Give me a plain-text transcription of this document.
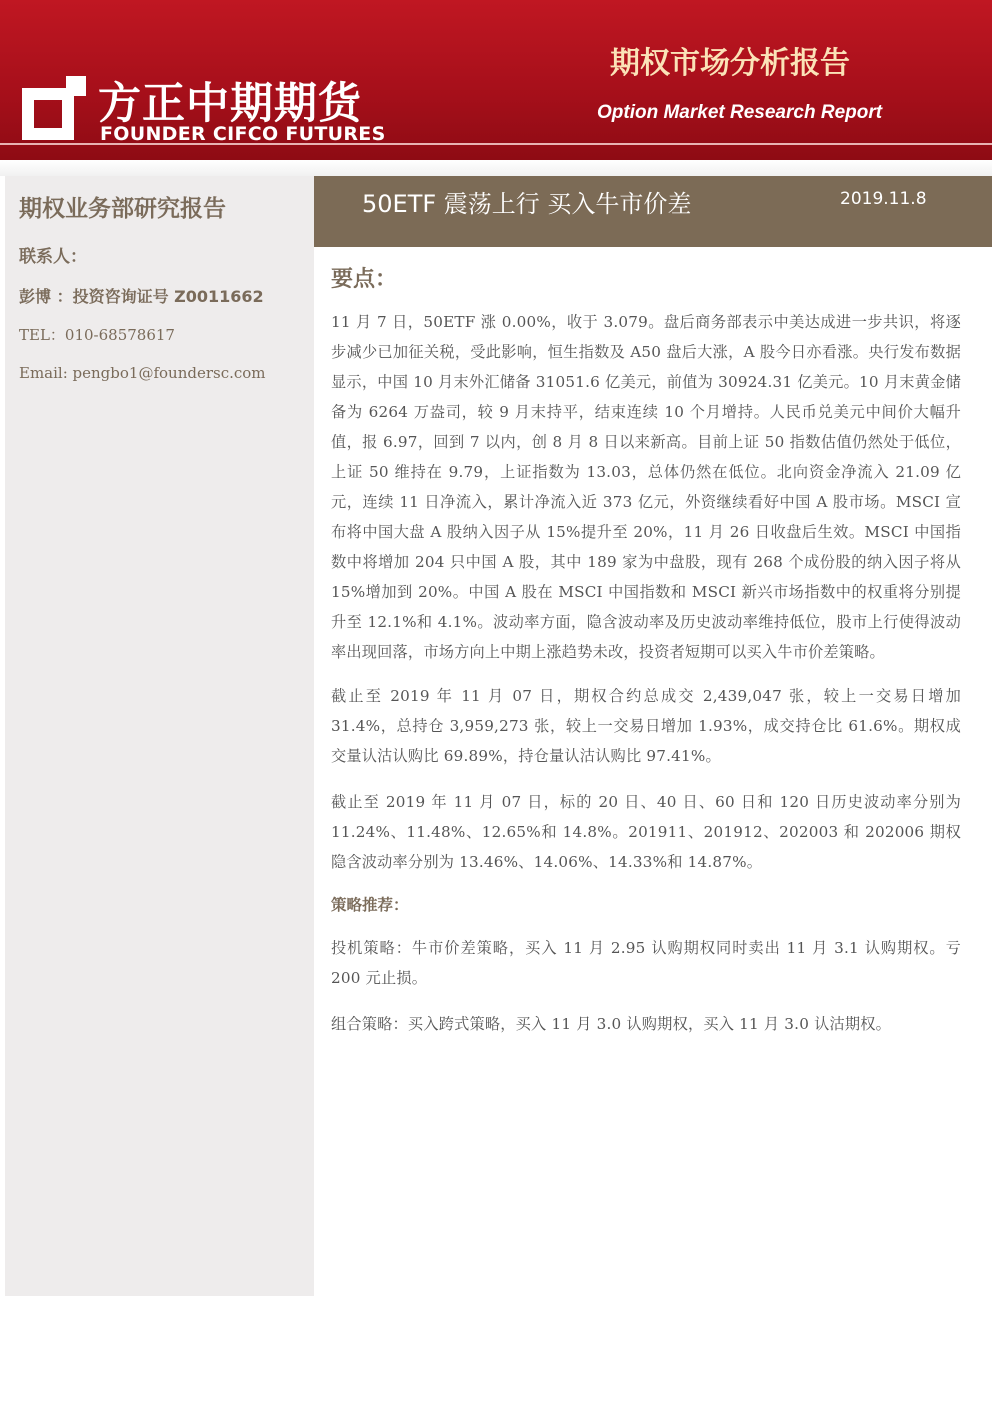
方正中期期货
FOUNDER CIFCO FUTURES
期权市场分析报告
Option Market Research Report
期权业务部研究报告
联系人：
彭博 ：投资咨询证号 Z0011662
TEL：010-68578617
Email: pengbo1@foundersc.com
50ETF 震荡上行 买入牛市价差	2019.11.8
要点：

11 月 7 日，50ETF 涨 0.00%，收于 3.079。盘后商务部表示中美达成进一步共识，将逐步减少已加征关税，受此影响，恒生指数及 A50 盘后大涨，A 股今日亦看涨。央行发布数据显示，中国 10 月末外汇储备 31051.6 亿美元，前值为 30924.31 亿美元。10 月末黄金储备为 6264 万盎司，较 9 月末持平，结束连续 10 个月增持。人民币兑美元中间价大幅升值，报 6.97，回到 7 以内，创 8 月 8 日以来新高。目前上证 50 指数估值仍然处于低位，上证 50 维持在 9.79，上证指数为 13.03，总体仍然在低位。北向资金净流入 21.09 亿元，连续 11 日净流入，累计净流入近 373 亿元，外资继续看好中国 A 股市场。MSCI 宣布将中国大盘 A 股纳入因子从 15%提升至 20%，11 月 26 日收盘后生效。MSCI 中国指数中将增加 204 只中国 A 股，其中 189 家为中盘股，现有 268 个成份股的纳入因子将从 15%增加到 20%。中国 A 股在 MSCI 中国指数和 MSCI 新兴市场指数中的权重将分别提升至 12.1%和 4.1%。波动率方面，隐含波动率及历史波动率维持低位，股市上行使得波动率出现回落，市场方向上中期上涨趋势未改，投资者短期可以买入牛市价差策略。

截止至 2019 年 11 月 07 日，期权合约总成交 2,439,047 张，较上一交易日增加 31.4%，总持仓 3,959,273 张，较上一交易日增加 1.93%，成交持仓比 61.6%。期权成交量认沽认购比 69.89%，持仓量认沽认购比 97.41%。

截止至 2019 年 11 月 07 日，标的 20 日、40 日、60 日和 120 日历史波动率分别为 11.24%、11.48%、12.65%和 14.8%。201911、201912、202003 和 202006 期权隐含波动率分别为 13.46%、14.06%、14.33%和 14.87%。

策略推荐：

投机策略：牛市价差策略，买入 11 月 2.95 认购期权同时卖出 11 月 3.1 认购期权。亏 200 元止损。

组合策略：买入跨式策略，买入 11 月 3.0 认购期权，买入 11 月 3.0 认沽期权。
